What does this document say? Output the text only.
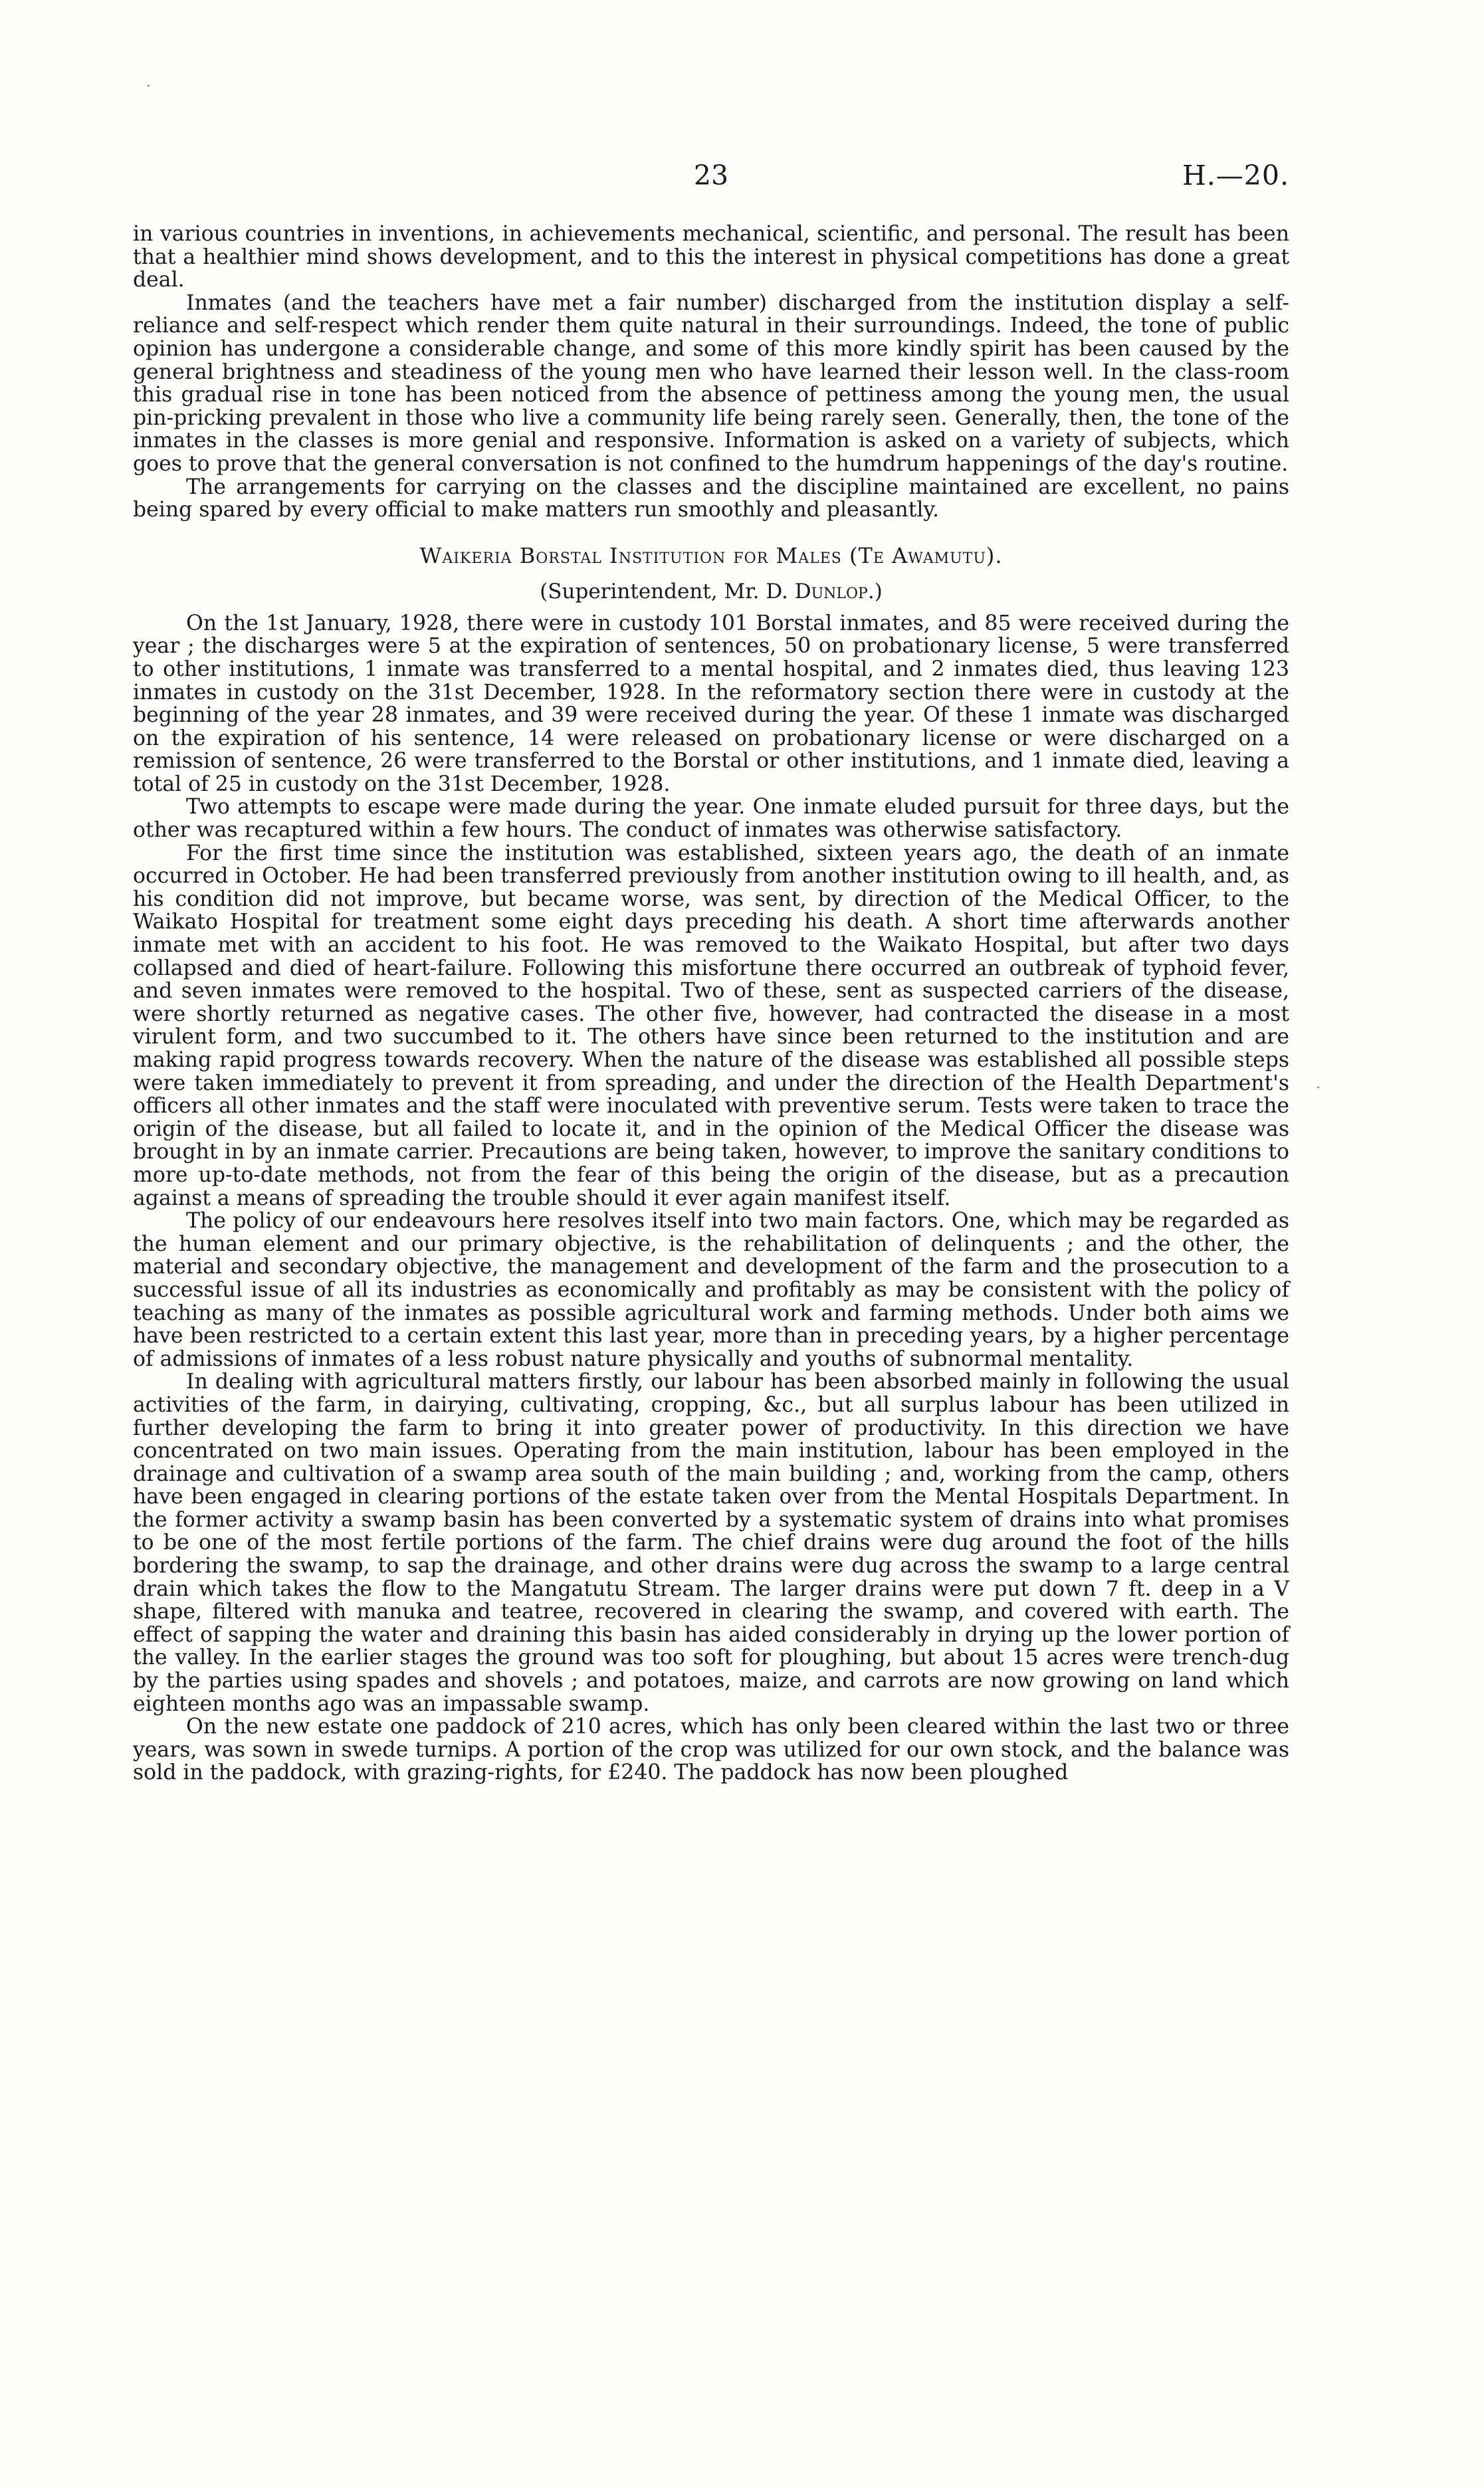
·
·
23	H.—20.

in various countries in inventions, in achievements mechanical, scientific, and personal. The result has been that a healthier mind shows development, and to this the interest in physical competitions has done a great deal.

Inmates (and the teachers have met a fair number) discharged from the institution display a self-reliance and self-respect which render them quite natural in their surroundings. Indeed, the tone of public opinion has undergone a considerable change, and some of this more kindly spirit has been caused by the general brightness and steadiness of the young men who have learned their lesson well. In the class-room this gradual rise in tone has been noticed from the absence of pettiness among the young men, the usual pin-pricking prevalent in those who live a community life being rarely seen. Generally, then, the tone of the inmates in the classes is more genial and responsive. Information is asked on a variety of subjects, which goes to prove that the general conversation is not confined to the humdrum happenings of the day's routine.

The arrangements for carrying on the classes and the discipline maintained are excellent, no pains being spared by every official to make matters run smoothly and pleasantly.

Waikeria Borstal Institution for Males (Te Awamutu).
(Superintendent, Mr. D. Dunlop.)

On the 1st January, 1928, there were in custody 101 Borstal inmates, and 85 were received during the year ; the discharges were 5 at the expiration of sentences, 50 on probationary license, 5 were transferred to other institutions, 1 inmate was transferred to a mental hospital, and 2 inmates died, thus leaving 123 inmates in custody on the 31st December, 1928. In the reformatory section there were in custody at the beginning of the year 28 inmates, and 39 were received during the year. Of these 1 inmate was discharged on the expiration of his sentence, 14 were released on probationary license or were discharged on a remission of sentence, 26 were transferred to the Borstal or other institutions, and 1 inmate died, leaving a total of 25 in custody on the 31st December, 1928.

Two attempts to escape were made during the year. One inmate eluded pursuit for three days, but the other was recaptured within a few hours. The conduct of inmates was otherwise satisfactory.

For the first time since the institution was established, sixteen years ago, the death of an inmate occurred in October. He had been transferred previously from another institution owing to ill health, and, as his condition did not improve, but became worse, was sent, by direction of the Medical Officer, to the Waikato Hospital for treatment some eight days preceding his death. A short time afterwards another inmate met with an accident to his foot. He was removed to the Waikato Hospital, but after two days collapsed and died of heart-failure. Following this misfortune there occurred an outbreak of typhoid fever, and seven inmates were removed to the hospital. Two of these, sent as suspected carriers of the disease, were shortly returned as negative cases. The other five, however, had contracted the disease in a most virulent form, and two succumbed to it. The others have since been returned to the institution and are making rapid progress towards recovery. When the nature of the disease was established all possible steps were taken immediately to prevent it from spreading, and under the direction of the Health Department's officers all other inmates and the staff were inoculated with preventive serum. Tests were taken to trace the origin of the disease, but all failed to locate it, and in the opinion of the Medical Officer the disease was brought in by an inmate carrier. Precautions are being taken, however, to improve the sanitary conditions to more up-to-date methods, not from the fear of this being the origin of the disease, but as a precaution against a means of spreading the trouble should it ever again manifest itself.

The policy of our endeavours here resolves itself into two main factors. One, which may be regarded as the human element and our primary objective, is the rehabilitation of delinquents ; and the other, the material and secondary objective, the management and development of the farm and the prosecution to a successful issue of all its industries as economically and profitably as may be consistent with the policy of teaching as many of the inmates as possible agricultural work and farming methods. Under both aims we have been restricted to a certain extent this last year, more than in preceding years, by a higher percentage of admissions of inmates of a less robust nature physically and youths of subnormal mentality.

In dealing with agricultural matters firstly, our labour has been absorbed mainly in following the usual activities of the farm, in dairying, cultivating, cropping, &c., but all surplus labour has been utilized in further developing the farm to bring it into greater power of productivity. In this direction we have concentrated on two main issues. Operating from the main institution, labour has been employed in the drainage and cultivation of a swamp area south of the main building ; and, working from the camp, others have been engaged in clearing portions of the estate taken over from the Mental Hospitals Department. In the former activity a swamp basin has been converted by a systematic system of drains into what promises to be one of the most fertile portions of the farm. The chief drains were dug around the foot of the hills bordering the swamp, to sap the drainage, and other drains were dug across the swamp to a large central drain which takes the flow to the Mangatutu Stream. The larger drains were put down 7 ft. deep in a V shape, filtered with manuka and teatree, recovered in clearing the swamp, and covered with earth. The effect of sapping the water and draining this basin has aided considerably in drying up the lower portion of the valley. In the earlier stages the ground was too soft for ploughing, but about 15 acres were trench-dug by the parties using spades and shovels ; and potatoes, maize, and carrots are now growing on land which eighteen months ago was an impassable swamp.

On the new estate one paddock of 210 acres, which has only been cleared within the last two or three years, was sown in swede turnips. A portion of the crop was utilized for our own stock, and the balance was sold in the paddock, with grazing-rights, for £240. The paddock has now been ploughed
